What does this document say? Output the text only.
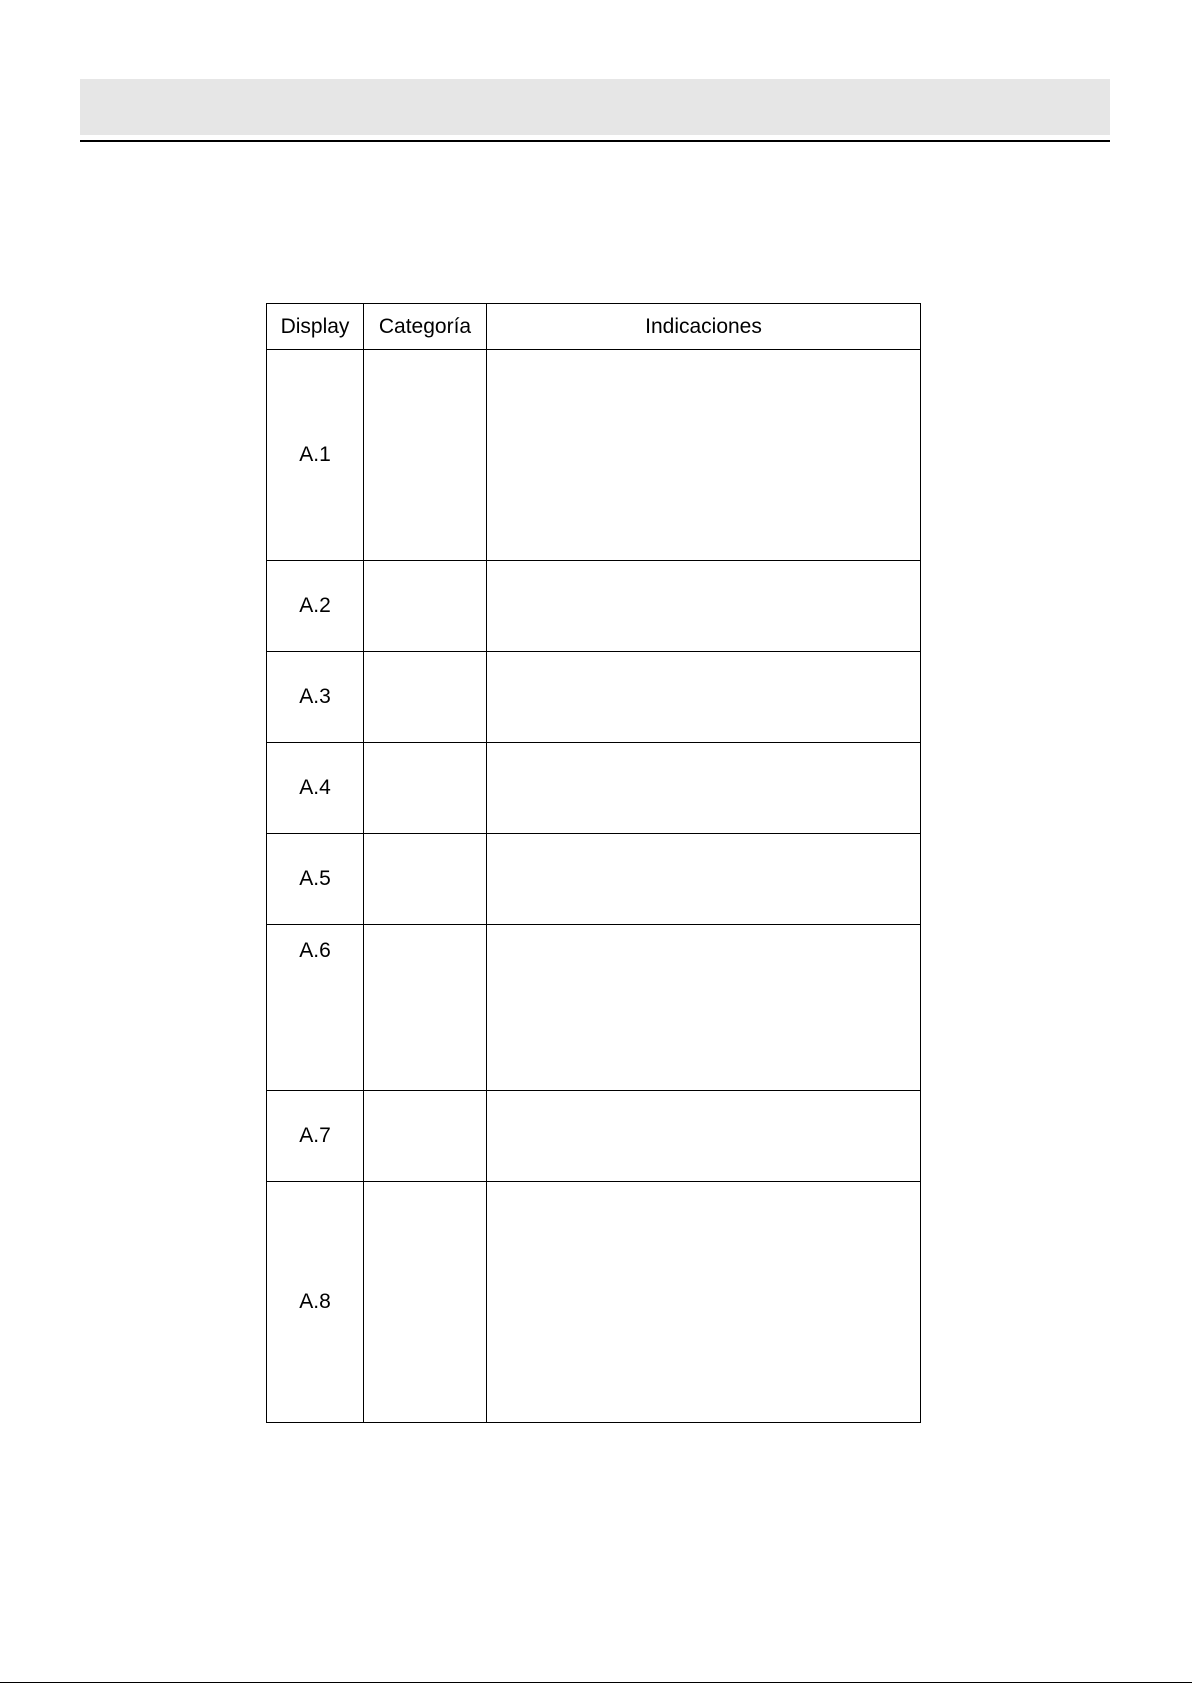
Display	Categoría	Indicaciones
A.1		
A.2		
A.3		
A.4		
A.5		
A.6		
A.7		
A.8		
